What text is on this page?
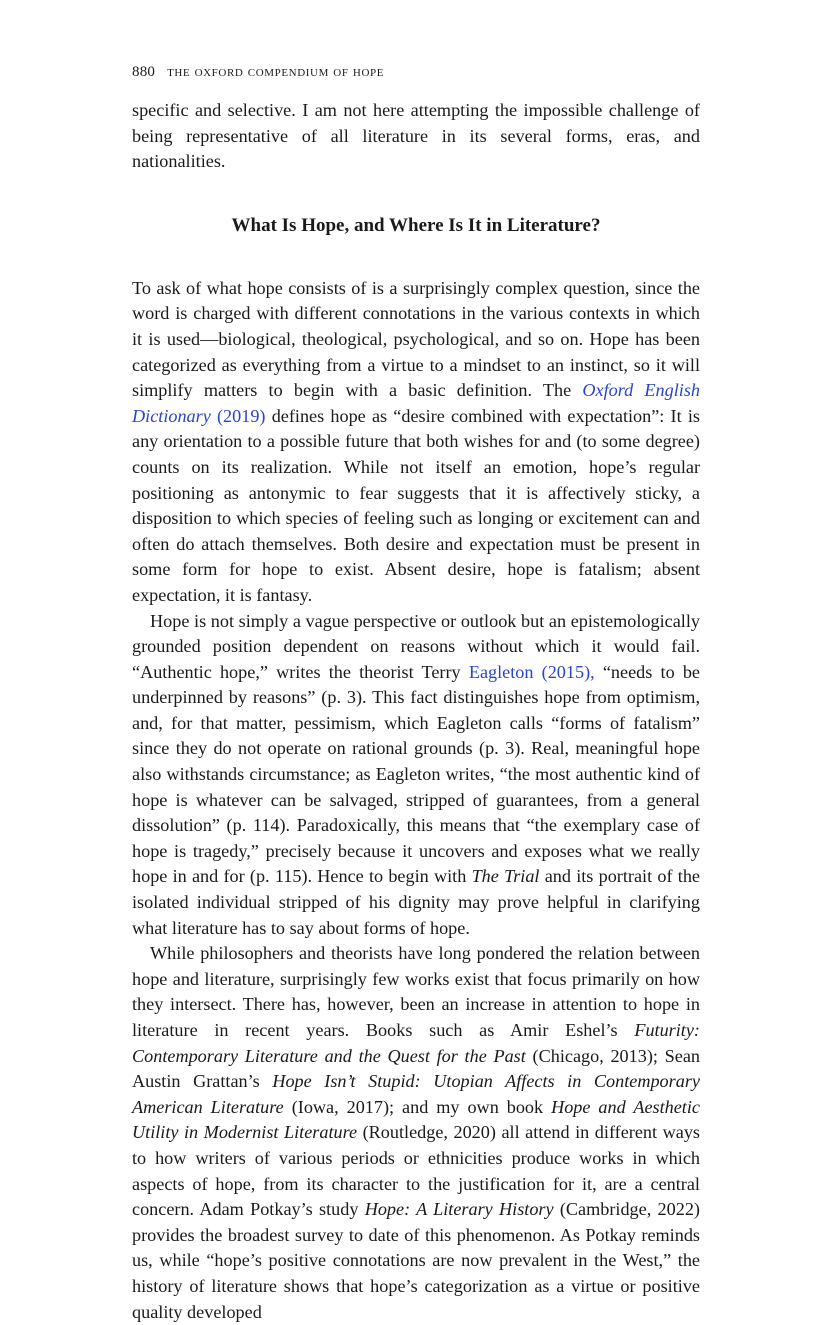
880 the oxford compendium of hope

specific and selective. I am not here attempting the impossible challenge of being representative of all literature in its several forms, eras, and nationalities.

What Is Hope, and Where Is It in Literature?

To ask of what hope consists of is a surprisingly complex question, since the word is charged with different connotations in the various contexts in which it is used—biological, theological, psychological, and so on. Hope has been categorized as everything from a virtue to a mindset to an instinct, so it will simplify matters to begin with a basic definition. The Oxford English Dictionary (2019) defines hope as “desire combined with expectation”: It is any orientation to a possible future that both wishes for and (to some degree) counts on its realization. While not itself an emotion, hope’s regular positioning as antonymic to fear suggests that it is affectively sticky, a disposition to which species of feeling such as longing or excitement can and often do attach themselves. Both desire and expectation must be present in some form for hope to exist. Absent desire, hope is fatalism; absent expectation, it is fantasy.

Hope is not simply a vague perspective or outlook but an epistemologically grounded position dependent on reasons without which it would fail. “Authentic hope,” writes the theorist Terry Eagleton (2015), “needs to be underpinned by reasons” (p. 3). This fact distinguishes hope from optimism, and, for that matter, pessimism, which Eagleton calls “forms of fatalism” since they do not operate on rational grounds (p. 3). Real, meaningful hope also withstands circumstance; as Eagleton writes, “the most authentic kind of hope is whatever can be salvaged, stripped of guarantees, from a general dissolution” (p. 114). Paradoxically, this means that “the exemplary case of hope is tragedy,” precisely because it uncovers and exposes what we really hope in and for (p. 115). Hence to begin with The Trial and its portrait of the isolated individual stripped of his dignity may prove helpful in clarifying what literature has to say about forms of hope.

While philosophers and theorists have long pondered the relation between hope and literature, surprisingly few works exist that focus primarily on how they intersect. There has, however, been an increase in attention to hope in literature in recent years. Books such as Amir Eshel’s Futurity: Contemporary Literature and the Quest for the Past (Chicago, 2013); Sean Austin Grattan’s Hope Isn’t Stupid: Utopian Affects in Contemporary American Literature (Iowa, 2017); and my own book Hope and Aesthetic Utility in Modernist Literature (Routledge, 2020) all attend in different ways to how writers of various periods or ethnicities produce works in which aspects of hope, from its character to the justification for it, are a central concern. Adam Potkay’s study Hope: A Literary History (Cambridge, 2022) provides the broadest survey to date of this phenomenon. As Potkay reminds us, while “hope’s positive connotations are now prevalent in the West,” the history of literature shows that hope’s categorization as a virtue or positive quality developed
